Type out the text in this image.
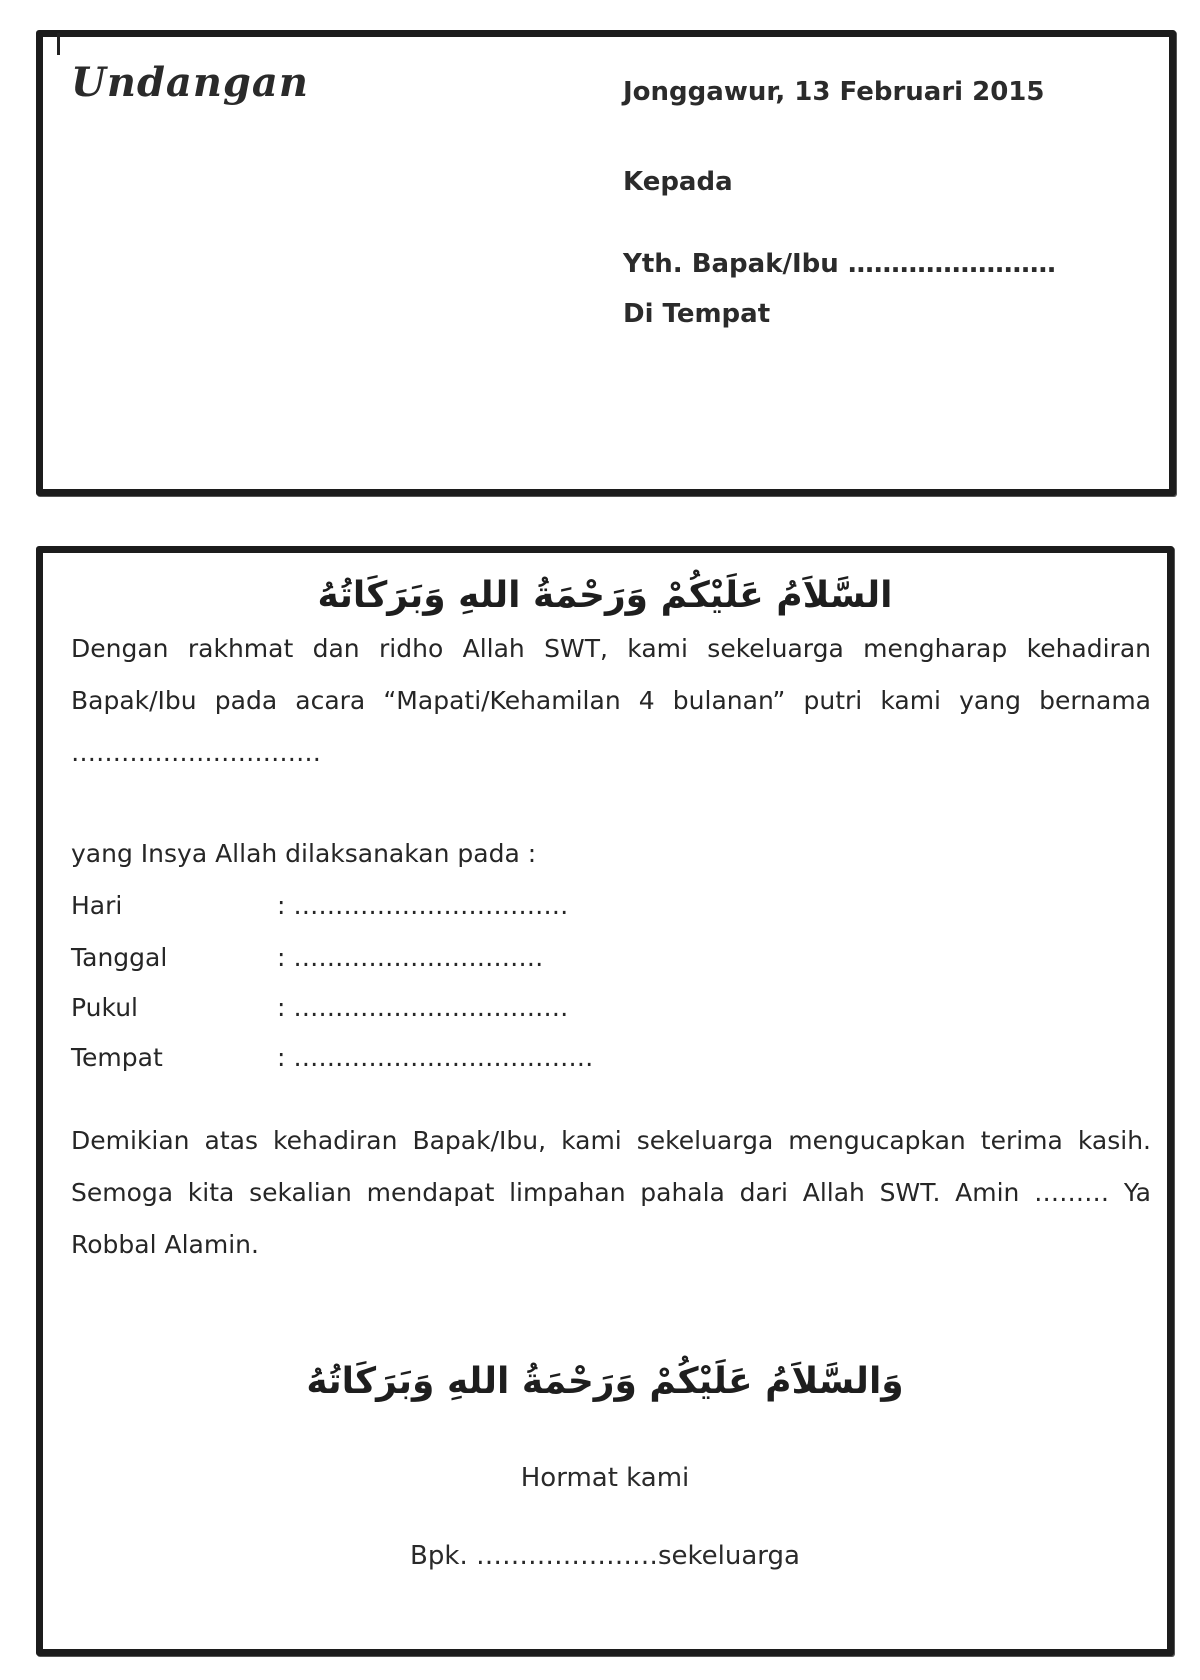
Undangan	Jonggawur, 13 Februari 2015
Kepada
Yth. Bapak/Ibu ……………………
Di Tempat
السَّلاَمُ عَلَيْكُمْ وَرَحْمَةُ اللهِ وَبَرَكَاتُهُ

Dengan rakhmat dan ridho Allah SWT, kami sekeluarga mengharap kehadiran Bapak/Ibu pada acara “Mapati/Kehamilan 4 bulanan” putri kami yang bernama …………………………

yang Insya Allah dilaksanakan pada :
Hari	: ……………………………
Tanggal	: …………………………
Pukul	: ……………………………
Tempat	: ………………………………

Demikian atas kehadiran Bapak/Ibu, kami sekeluarga mengucapkan terima kasih. Semoga kita sekalian mendapat limpahan pahala dari Allah SWT. Amin ……… Ya Robbal Alamin.

وَالسَّلاَمُ عَلَيْكُمْ وَرَحْمَةُ اللهِ وَبَرَكَاتُهُ
Hormat kami
Bpk. …………………sekeluarga
